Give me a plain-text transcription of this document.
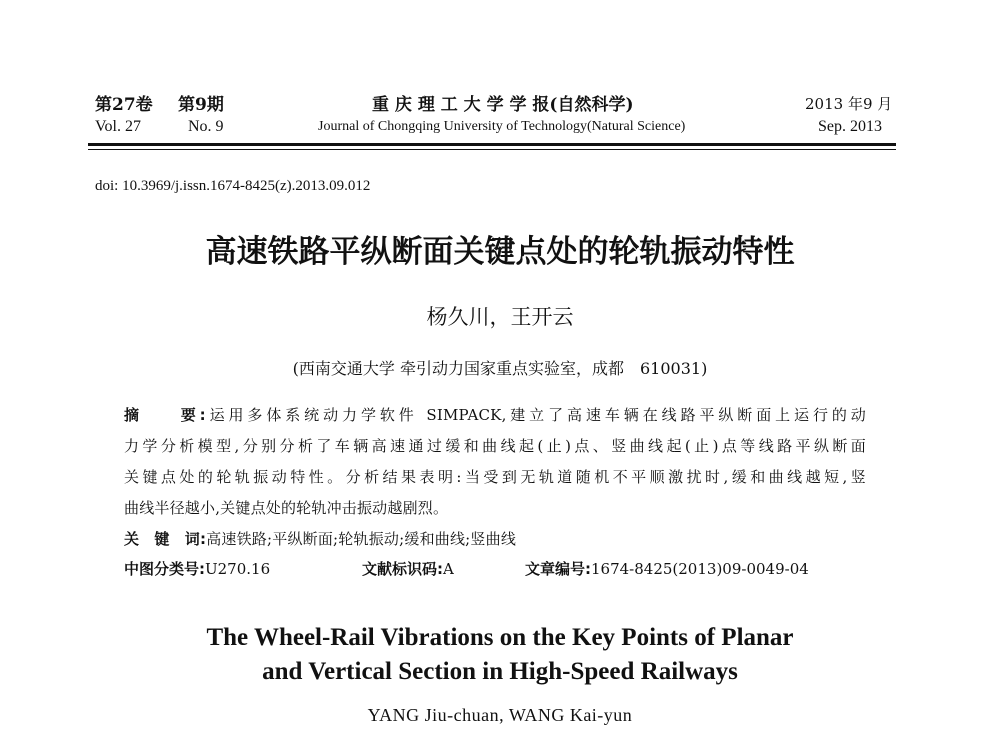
第27卷 第9期	重 庆 理 工 大 学 学 报(自然科学)	2013 年9 月
Vol. 27	No. 9	Journal of Chongqing University of Technology(Natural Science)	Sep. 2013
doi: 10.3969/j.issn.1674-8425(z).2013.09.012
高速铁路平纵断面关键点处的轮轨振动特性
杨久川，王开云
(西南交通大学 牵引动力国家重点实验室，成都　610031)
摘　　要:运用多体系统动力学软件 SIMPACK,建立了高速车辆在线路平纵断面上运行的动
力学分析模型,分别分析了车辆高速通过缓和曲线起(止)点、竖曲线起(止)点等线路平纵断面
关键点处的轮轨振动特性。分析结果表明:当受到无轨道随机不平顺激扰时,缓和曲线越短,竖
曲线半径越小,关键点处的轮轨冲击振动越剧烈。
关　键　词:高速铁路;平纵断面;轮轨振动;缓和曲线;竖曲线
中图分类号:U270.16	文献标识码:A	文章编号:1674-8425(2013)09-0049-04
The Wheel-Rail Vibrations on the Key Points of Planar
and Vertical Section in High-Speed Railways
YANG Jiu-chuan, WANG Kai-yun
